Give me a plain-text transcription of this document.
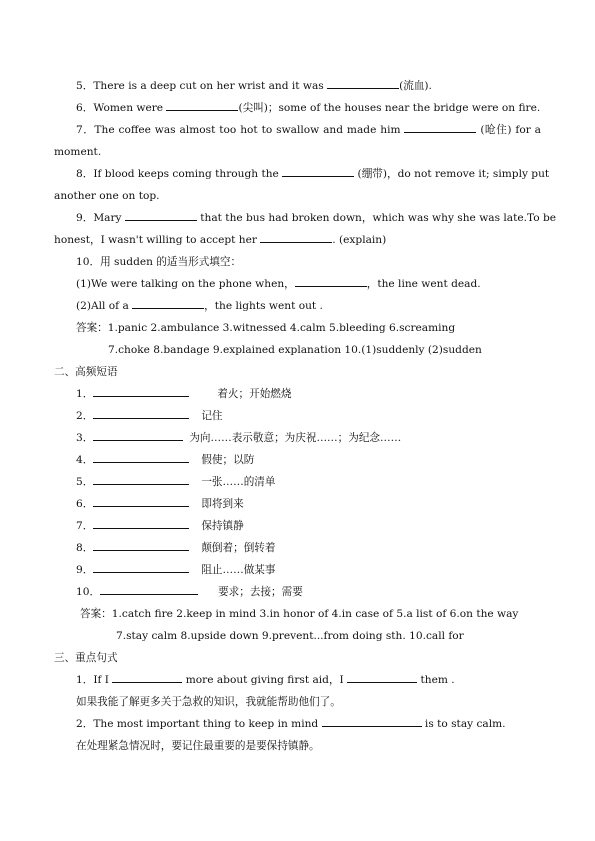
5．There is a deep cut on her wrist and it was	(流血).
6．Women were	(尖叫)；some of the houses near the bridge were on fire.
7．The coffee was almost too hot to swallow and made him	(呛住) for a
moment.
8．If blood keeps coming through the	(绷带)，do not remove it; simply put
another one on top.
9．Mary	that the bus had broken down，which was why she was late.To be
honest，I wasn't willing to accept her	. (explain)
10．用 sudden 的适当形式填空：
(1)We were talking on the phone when，	，the line went dead.
(2)All of a	，the lights went out .
答案：1.panic 2.ambulance 3.witnessed 4.calm 5.bleeding 6.screaming
7.choke 8.bandage 9.explained explanation 10.(1)suddenly (2)sudden
二、高频短语
1．	着火；开始燃烧
2．	记住
3．	为向……表示敬意；为庆祝……；为纪念……
4．	假使；以防
5．	一张……的清单
6．	即将到来
7．	保持镇静
8．	颠倒着；倒转着
9．	阻止……做某事
10．	要求；去接；需要
答案：1.catch fire 2.keep in mind 3.in honor of 4.in case of 5.a list of 6.on the way
7.stay calm 8.upside down 9.prevent...from doing sth. 10.call for
三、重点句式
1．If I	more about giving first aid，I	them .
如果我能了解更多关于急救的知识，我就能帮助他们了。
2．The most important thing to keep in mind	is to stay calm.
在处理紧急情况时，要记住最重要的是要保持镇静。
